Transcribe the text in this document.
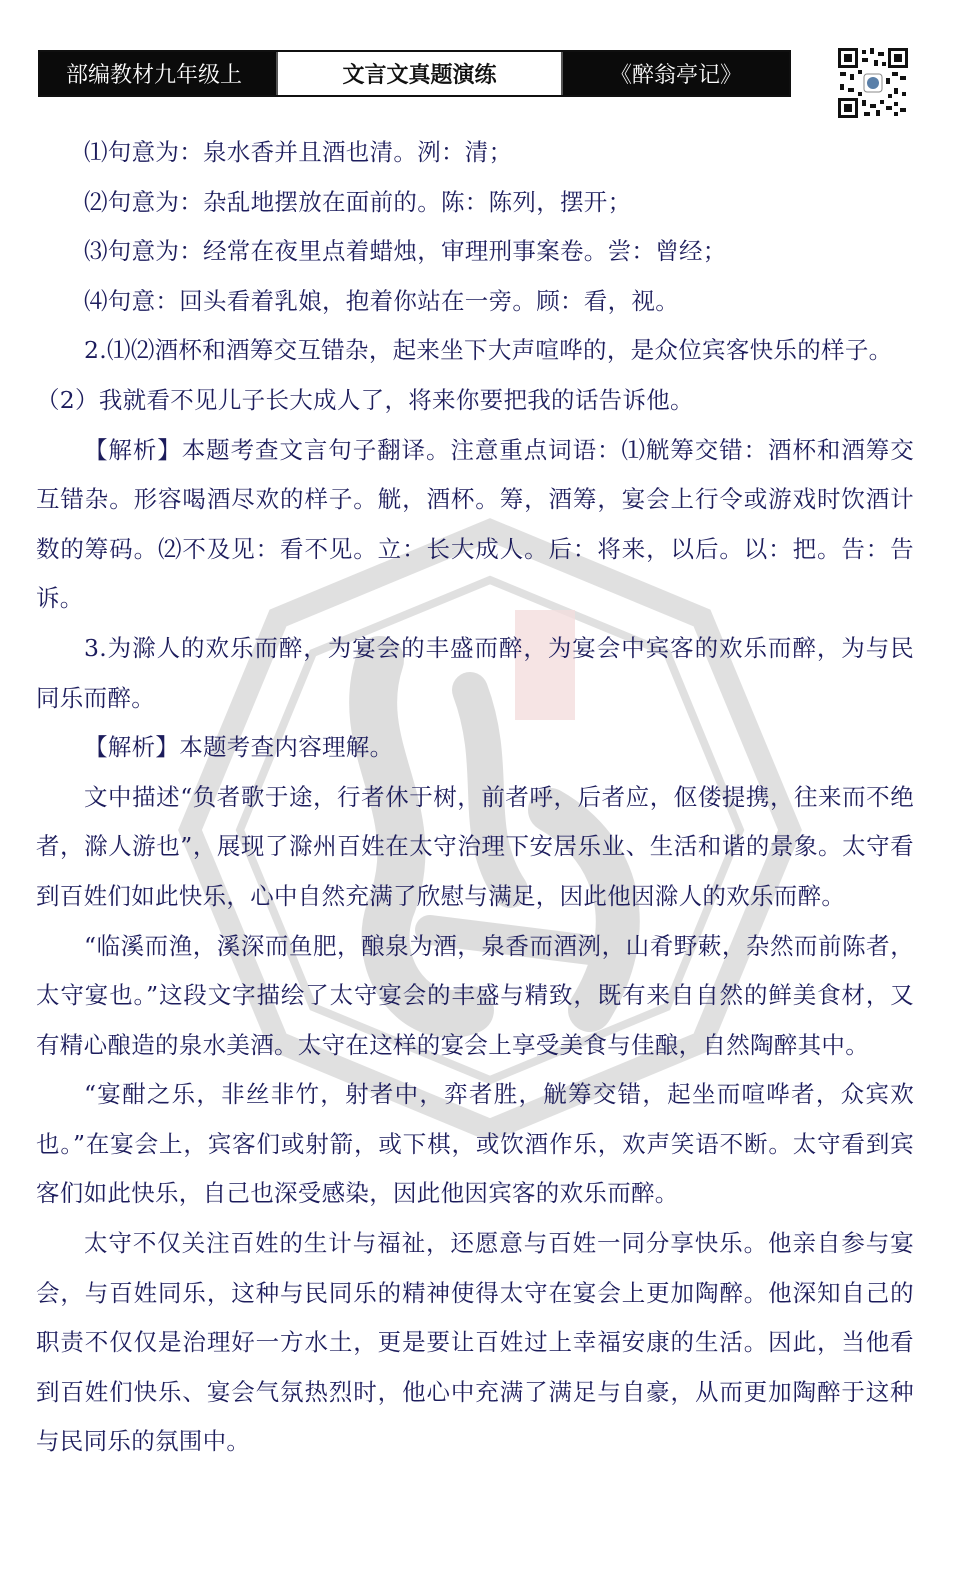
部编教材九年级上	文言文真题演练	《醉翁亭记》

⑴句意为：泉水香并且酒也清。洌：清；

⑵句意为：杂乱地摆放在面前的。陈：陈列，摆开；

⑶句意为：经常在夜里点着蜡烛，审理刑事案卷。尝：曾经；

⑷句意：回头看着乳娘，抱着你站在一旁。顾：看，视。

2.⑴⑵酒杯和酒筹交互错杂，起来坐下大声喧哗的，是众位宾客快乐的样子。

（2）我就看不见儿子长大成人了，将来你要把我的话告诉他。

【解析】本题考查文言句子翻译。注意重点词语：⑴觥筹交错：酒杯和酒筹交互错杂。形容喝酒尽欢的样子。觥，酒杯。筹，酒筹，宴会上行令或游戏时饮酒计数的筹码。⑵不及见：看不见。立：长大成人。后：将来，以后。以：把。告：告诉。

3.为滁人的欢乐而醉，为宴会的丰盛而醉，为宴会中宾客的欢乐而醉，为与民同乐而醉。

【解析】本题考查内容理解。

文中描述“负者歌于途，行者休于树，前者呼，后者应，伛偻提携，往来而不绝者，滁人游也”，展现了滁州百姓在太守治理下安居乐业、生活和谐的景象。太守看到百姓们如此快乐，心中自然充满了欣慰与满足，因此他因滁人的欢乐而醉。

“临溪而渔，溪深而鱼肥，酿泉为酒，泉香而酒洌，山肴野蔌，杂然而前陈者，太守宴也。”这段文字描绘了太守宴会的丰盛与精致，既有来自自然的鲜美食材，又有精心酿造的泉水美酒。太守在这样的宴会上享受美食与佳酿，自然陶醉其中。

“宴酣之乐，非丝非竹，射者中，弈者胜，觥筹交错，起坐而喧哗者，众宾欢也。”在宴会上，宾客们或射箭，或下棋，或饮酒作乐，欢声笑语不断。太守看到宾客们如此快乐，自己也深受感染，因此他因宾客的欢乐而醉。

太守不仅关注百姓的生计与福祉，还愿意与百姓一同分享快乐。他亲自参与宴会，与百姓同乐，这种与民同乐的精神使得太守在宴会上更加陶醉。他深知自己的职责不仅仅是治理好一方水土，更是要让百姓过上幸福安康的生活。因此，当他看到百姓们快乐、宴会气氛热烈时，他心中充满了满足与自豪，从而更加陶醉于这种与民同乐的氛围中。
